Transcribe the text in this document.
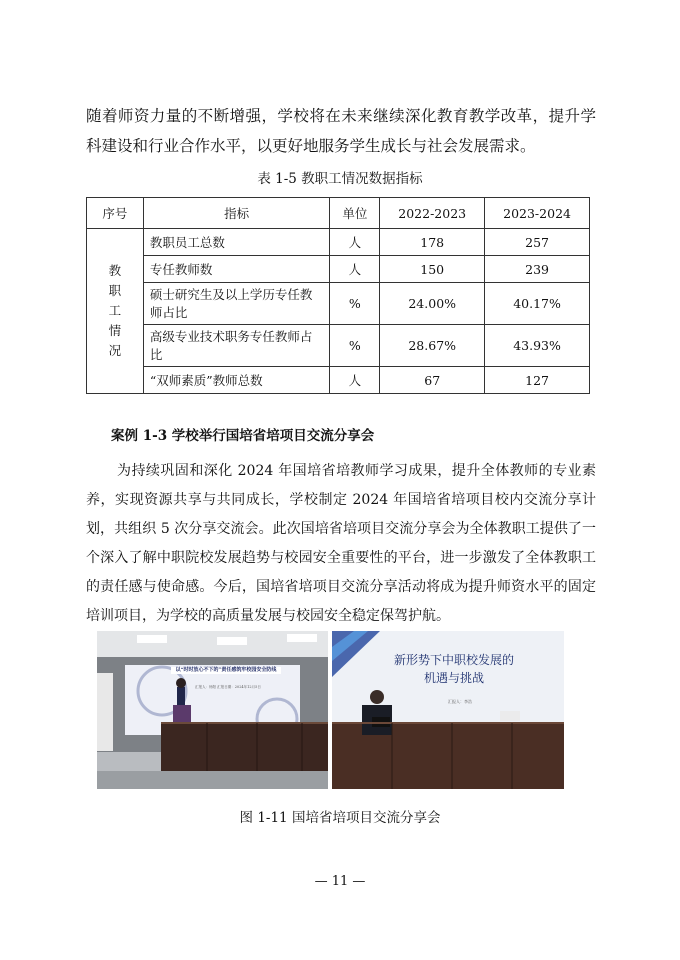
随着师资力量的不断增强，学校将在未来继续深化教育教学改革，提升学科建设和行业合作水平，以更好地服务学生成长与社会发展需求。
表 1-5 教职工情况数据指标
序号	指标	单位	2022-2023	2023-2024
教
职
工
情
况	教职员工总数	人	178	257
	专任教师数	人	150	239
	硕士研究生及以上学历专任教师占比	%	24.00%	40.17%
	高级专业技术职务专任教师占比	%	28.67%	43.93%
	“双师素质”教师总数	人	67	127
案例 1-3 学校举行国培省培项目交流分享会
为持续巩固和深化 2024 年国培省培教师学习成果，提升全体教师的专业素养，实现资源共享与共同成长，学校制定 2024 年国培省培项目校内交流分享计划，共组织 5 次分享交流会。此次国培省培项目交流分享会为全体教职工提供了一个深入了解中职院校发展趋势与校园安全重要性的平台，进一步激发了全体教职工的责任感与使命感。今后，国培省培项目交流分享活动将成为提升师资水平的固定培训项目，为学校的高质量发展与校园安全稳定保驾护航。
以“时时放心不下的”责任感筑牢校园安全防线
汇报人：杨阳 汇报日期：2024年12月5日
新形势下中职校发展的
机遇与挑战
汇报人：李浩
图 1-11 国培省培项目交流分享会
— 11 —
